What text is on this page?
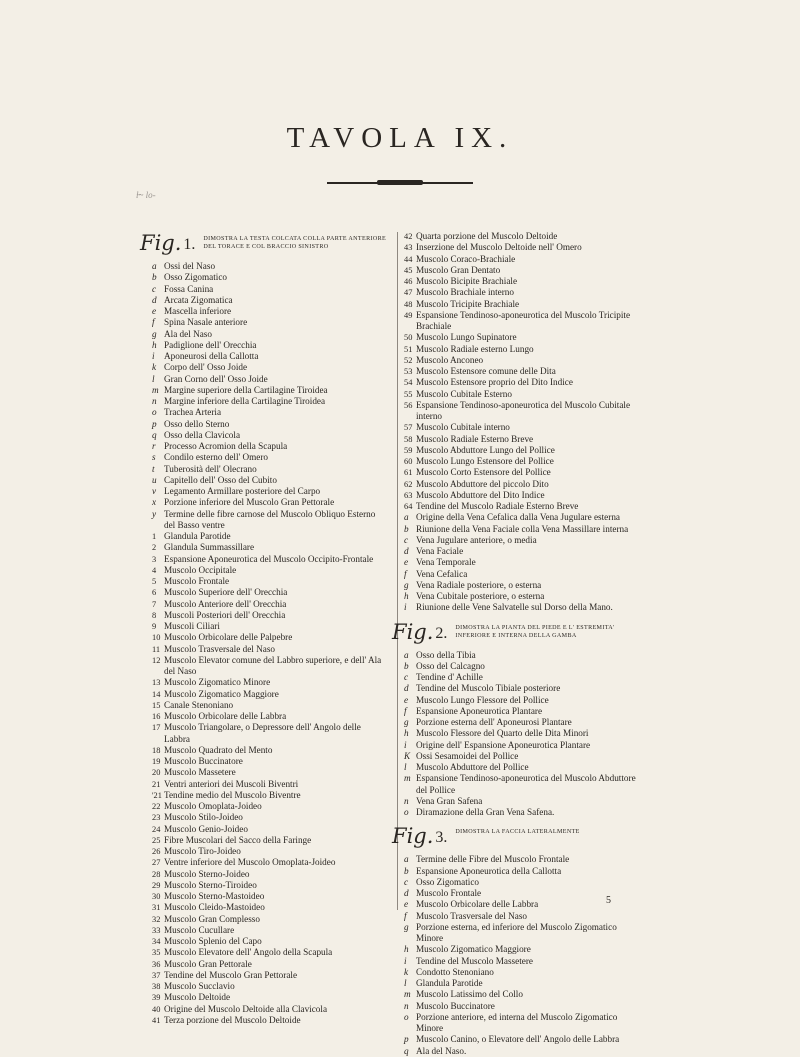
TAVOLA IX.
l̶~ lo-
Fig. 1. DIMOSTRA LA TESTA COLCATA COLLA PARTE ANTERIORE
DEL TORACE E COL BRACCIO SINISTRO
a Ossi del Naso
b Osso Zigomatico
c Fossa Canina
d Arcata Zigomatica
e Mascella inferiore
f	Spina Nasale anteriore
g Ala del Naso
h Padiglione dell' Orecchia
i	Aponeurosi della Callotta
k Corpo dell' Osso Joide
l	Gran Corno dell' Osso Joide
m Margine superiore della Cartilagine Tiroidea
n Margine inferiore della Cartilagine Tiroidea
o Trachea Arteria
p Osso dello Sterno
q Osso della Clavicola
r Processo Acromion della Scapula
s Condilo esterno dell' Omero
t	Tuberosità dell' Olecrano
u Capitello dell' Osso del Cubito
v Legamento Armillare posteriore del Carpo
x Porzione inferiore del Muscolo Gran Pettorale
y Termine delle fibre carnose del Muscolo Obliquo Esterno del Basso ventre
1 Glandula Parotide
2 Glandula Summassillare
3 Espansione Aponeurotica del Muscolo Occipito-Frontale
4 Muscolo Occipitale
5 Muscolo Frontale
6 Muscolo Superiore dell' Orecchia
7 Muscolo Anteriore dell' Orecchia
8 Muscoli Posteriori dell' Orecchia
9 Muscoli Ciliari
10 Muscolo Orbicolare delle Palpebre
11 Muscolo Trasversale del Naso
12 Muscolo Elevator comune del Labbro superiore, e dell' Ala del Naso
13 Muscolo Zigomatico Minore
14 Muscolo Zigomatico Maggiore
15 Canale Stenoniano
16 Muscolo Orbicolare delle Labbra
17 Muscolo Triangolare, o Depressore dell' Angolo delle Labbra
18 Muscolo Quadrato del Mento
19 Muscolo Buccinatore
20 Muscolo Massetere
21 Ventri anteriori dei Muscoli Biventri
'21 Tendine medio del Muscolo Biventre
22 Muscolo Omoplata-Joideo
23 Muscolo Stilo-Joideo
24 Muscolo Genio-Joideo
25 Fibre Muscolari del Sacco della Faringe
26 Muscolo Tiro-Joideo
27 Ventre inferiore del Muscolo Omoplata-Joideo
28 Muscolo Sterno-Joideo
29 Muscolo Sterno-Tiroideo
30 Muscolo Sterno-Mastoideo
31 Muscolo Cleido-Mastoideo
32 Muscolo Gran Complesso
33 Muscolo Cucullare
34 Muscolo Splenio del Capo
35 Muscolo Elevatore dell' Angolo della Scapula
36 Muscolo Gran Pettorale
37 Tendine del Muscolo Gran Pettorale
38 Muscolo Succlavio
39 Muscolo Deltoide
40 Origine del Muscolo Deltoide alla Clavicola
41 Terza porzione del Muscolo Deltoide
42 Quarta porzione del Muscolo Deltoide
43 Inserzione del Muscolo Deltoide nell' Omero
44 Muscolo Coraco-Brachiale
45 Muscolo Gran Dentato
46 Muscolo Bicipite Brachiale
47 Muscolo Brachiale interno
48 Muscolo Tricipite Brachiale
49 Espansione Tendinoso-aponeurotica del Muscolo Tricipite Brachiale
50 Muscolo Lungo Supinatore
51 Muscolo Radiale esterno Lungo
52 Muscolo Anconeo
53 Muscolo Estensore comune delle Dita
54 Muscolo Estensore proprio del Dito Indice
55 Muscolo Cubitale Esterno
56 Espansione Tendinoso-aponeurotica del Muscolo Cubitale interno
57 Muscolo Cubitale interno
58 Muscolo Radiale Esterno Breve
59 Muscolo Abduttore Lungo del Pollice
60 Muscolo Lungo Estensore del Pollice
61 Muscolo Corto Estensore del Pollice
62 Muscolo Abduttore del piccolo Dito
63 Muscolo Abduttore del Dito Indice
64 Tendine del Muscolo Radiale Esterno Breve
a Origine della Vena Cefalica dalla Vena Jugulare esterna
b Riunione della Vena Faciale colla Vena Massillare interna
c Vena Jugulare anteriore, o media
d Vena Faciale
e Vena Temporale
f	Vena Cefalica
g Vena Radiale posteriore, o esterna
h Vena Cubitale posteriore, o esterna
i	Riunione delle Vene Salvatelle sul Dorso della Mano.
Fig. 2. DIMOSTRA LA PIANTA DEL PIEDE E L' ESTREMITA'
INFERIORE E INTERNA DELLA GAMBA
a Osso della Tibia
b Osso del Calcagno
c Tendine d' Achille
d Tendine del Muscolo Tibiale posteriore
e Muscolo Lungo Flessore del Pollice
f	Espansione Aponeurotica Plantare
g Porzione esterna dell' Aponeurosi Plantare
h Muscolo Flessore del Quarto delle Dita Minori
i	Origine dell' Espansione Aponeurotica Plantare
K Ossi Sesamoidei del Pollice
l	Muscolo Abduttore del Pollice
m Espansione Tendinoso-aponeurotica del Muscolo Abduttore del Pollice
n Vena Gran Safena
o Diramazione della Gran Vena Safena.
Fig. 3. DIMOSTRA LA FACCIA LATERALMENTE
a Termine delle Fibre del Muscolo Frontale
b Espansione Aponeurotica della Callotta
c Osso Zigomatico
d Muscolo Frontale
e Muscolo Orbicolare delle Labbra
f	Muscolo Trasversale del Naso
g Porzione esterna, ed inferiore del Muscolo Zigomatico Minore
h Muscolo Zigomatico Maggiore
i	Tendine del Muscolo Massetere
k Condotto Stenoniano
l	Glandula Parotide
m Muscolo Latissimo del Collo
n Muscolo Buccinatore
o Porzione anteriore, ed interna del Muscolo Zigomatico Minore
p Muscolo Canino, o Elevatore dell' Angolo delle Labbra
q Ala del Naso.
5
